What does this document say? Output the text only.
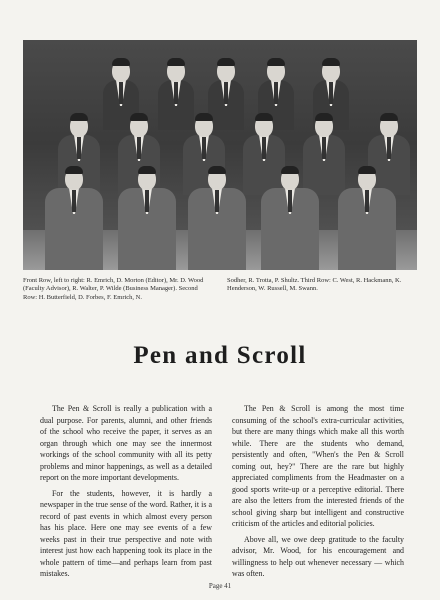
Front Row, left to right: R. Emrich, D. Morton (Editor), Mr. D. Wood (Faculty Advisor), R. Walter, P. Wilde (Business Manager). Second Row: H. Butterfield, D. Forbes, F. Emrich, N.
Sodher, R. Trotta, P. Shultz. Third Row: C. West, R. Hackmann, K. Henderson, W. Russell, M. Swann.
Pen and Scroll

The Pen & Scroll is really a publication with a dual purpose. For parents, alumni, and other friends of the school who receive the paper, it serves as an organ through which one may see the innermost workings of the school community with all its petty problems and minor happenings, as well as a detailed report on the more important developments.

For the students, however, it is hardly a newspaper in the true sense of the word. Rather, it is a record of past events in which almost every person has his place. Here one may see events of a few weeks past in their true perspective and note with interest just how each happening took its place in the whole pattern of time—and perhaps learn from past mistakes.

The Pen & Scroll is among the most time consuming of the school's extra-curricular activities, but there are many things which make all this worth while. There are the students who demand, persistently and often, "When's the Pen & Scroll coming out, hey?" There are the rare but highly appreciated compliments from the Headmaster on a good sports write-up or a perceptive editorial. There are also the letters from the interested friends of the school giving sharp but intelligent and constructive criticism of the articles and editorial policies.

Above all, we owe deep gratitude to the faculty advisor, Mr. Wood, for his encouragement and willingness to help out whenever necessary — which was often.

Page 41
